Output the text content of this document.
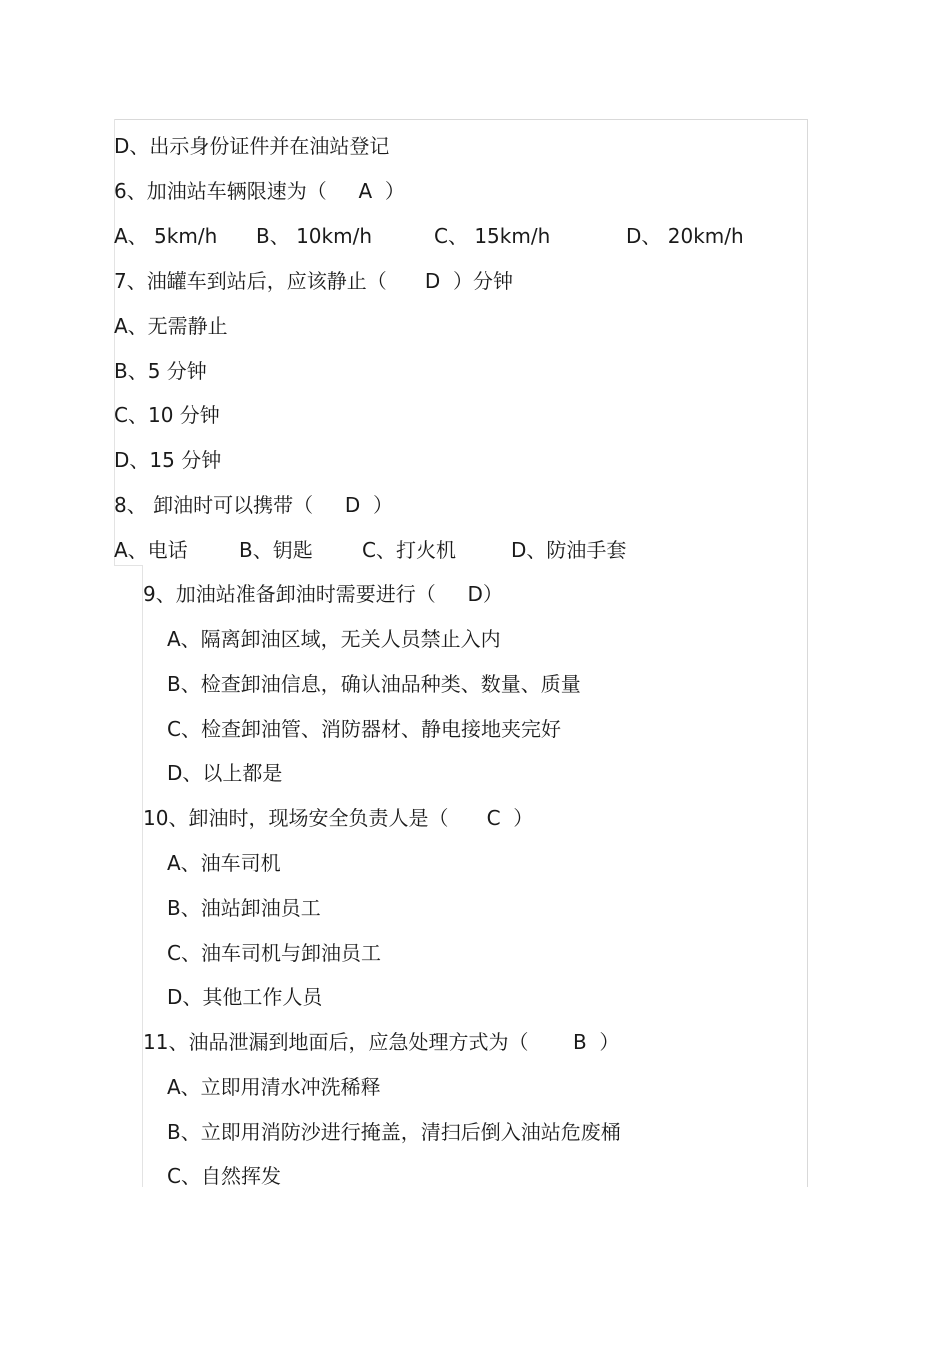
D、出示身份证件并在油站登记
6、加油站车辆限速为（     A  ）
A、 5km/h B、 10km/h	C、 15km/h	D、 20km/h
7、油罐车到站后，应该静止（      D  ）分钟
A、无需静止
B、5 分钟
C、10 分钟
D、15 分钟
8、 卸油时可以携带（     D  ）
A、电话	B、钥匙 C、打火机	D、防油手套
9、加油站准备卸油时需要进行（     D）
A、隔离卸油区域，无关人员禁止入内
B、检查卸油信息，确认油品种类、数量、质量
C、检查卸油管、消防器材、静电接地夹完好
D、以上都是
10、卸油时，现场安全负责人是（      C  ）
A、油车司机
B、油站卸油员工
C、油车司机与卸油员工
D、其他工作人员
11、油品泄漏到地面后，应急处理方式为（       B  ）
A、立即用清水冲洗稀释
B、立即用消防沙进行掩盖，清扫后倒入油站危废桶
C、自然挥发
